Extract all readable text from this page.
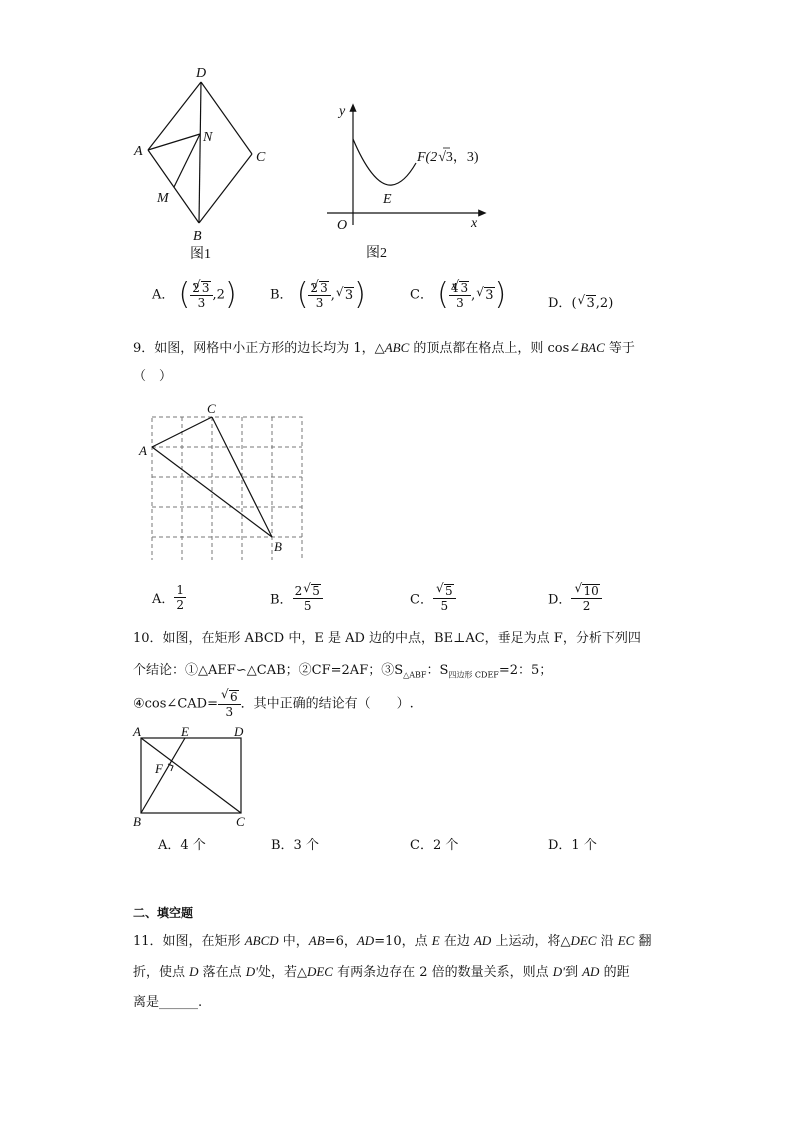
D
A
N
C
M
B
图1
y
x
O
E
F(2√3，3)
图2
A． ( $\frac{2 √ 3}{3} ,2$)	B． ( $\frac{2 √ 3}{3}$ , √ 3)	C． ( $\frac{4 √ 3}{3}$ , √ 3)	D．( √ 3,2)
9．如图，网格中小正方形的边长均为 1，△ABC 的顶点都在格点上，则 cos∠BAC 等于
（　）
A
C
B
A． $\frac{1}{2}$	B． $\frac{2 √ 5}{5}$	C． √ $\frac{5}{5}$	D． √ $\frac{10}{2}$
10．如图，在矩形 ABCD 中，E 是 AD 边的中点，BE⊥AC，垂足为点 F，分析下列四
个结论：①△AEF∽△CAB；②CF=2AF；$③S_{\triangle ABF}$：$S_{四边形 CDEF}=2$：5；
④cos∠CAD= √ $\frac{6}{3}$ ．其中正确的结论有（　　）.
A	E	D
F
B	C
A．4 个	B．3 个	C．2 个	D．1 个
二、填空题
11．如图，在矩形 ABCD 中，AB=6，AD=10，点 E 在边 AD 上运动，将△DEC 沿 EC 翻
折，使点 D 落在点 D'处，若△DEC 有两条边存在 2 倍的数量关系，则点 D'到 AD 的距
离是______.
